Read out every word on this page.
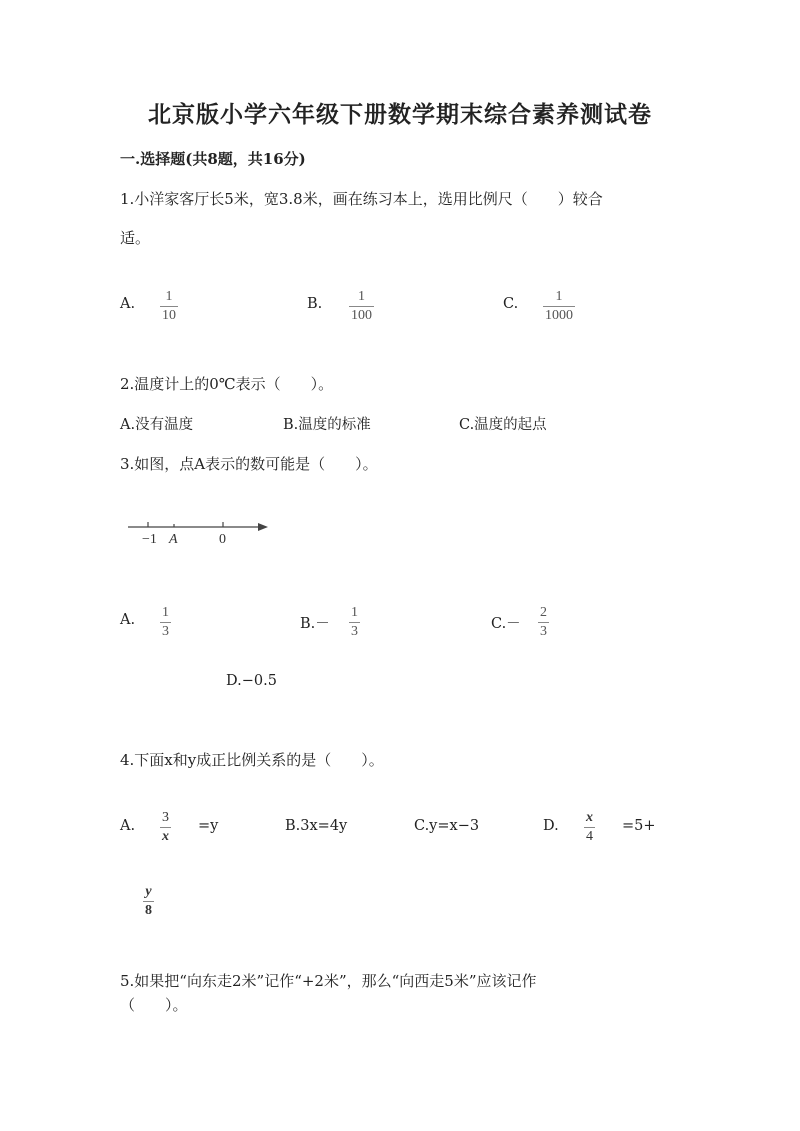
北京版小学六年级下册数学期末综合素养测试卷
一.选择题(共8题，共16分)
1.小洋家客厅长5米，宽3.8米，画在练习本上，选用比例尺（　　）较合
适。
A. 1
10
B.	1
100
C.	1
1000
2.温度计上的0℃表示（　　）。
A.没有温度	B.温度的标准	C.温度的起点
3.如图，点A表示的数可能是（　　）。
−1 A	0
A. 1
3	B.－
1
3	C.－
2
3
D.−0.5
4.下面x和y成正比例关系的是（　　）。
A.
3
x
=y	B.3x=4y	C.y=x−3	D.
x
4
=5+
y
8
5.如果把“向东走2米”记作“+2米”，那么“向西走5米”应该记作
（　　）。
